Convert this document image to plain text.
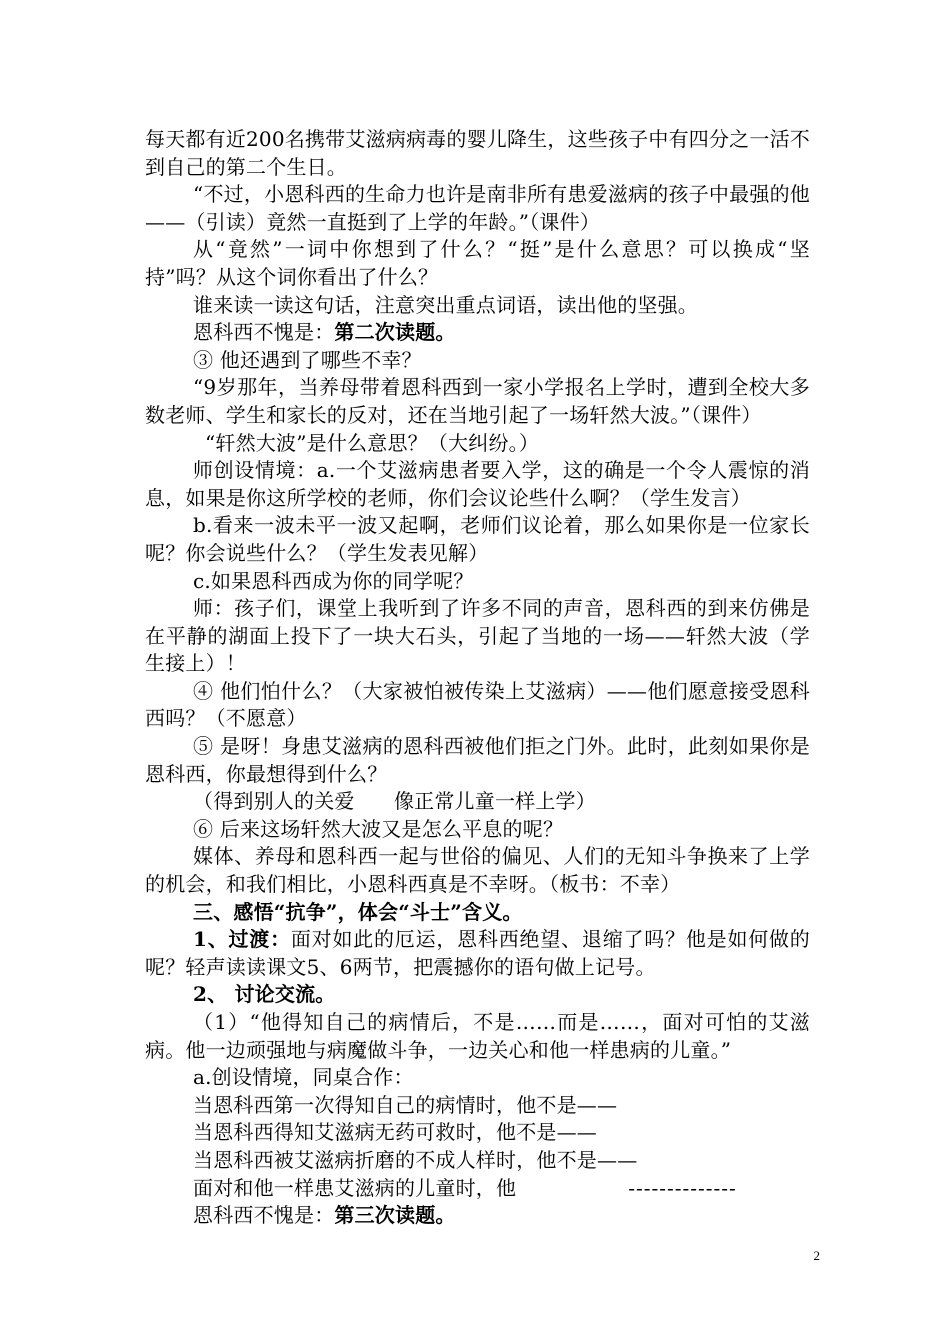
每天都有近200名携带艾滋病病毒的婴儿降生，这些孩子中有四分之一活不到自己的第二个生日。

“不过，小恩科西的生命力也许是南非所有患爱滋病的孩子中最强的他——（引读）竟然一直挺到了上学的年龄。”（课件）

从“竟然”一词中你想到了什么？“挺”是什么意思？可以换成“坚持”吗？从这个词你看出了什么？

谁来读一读这句话，注意突出重点词语，读出他的坚强。

恩科西不愧是：第二次读题。

③ 他还遇到了哪些不幸？

“9岁那年，当养母带着恩科西到一家小学报名上学时，遭到全校大多数老师、学生和家长的反对，还在当地引起了一场轩然大波。”（课件）

“轩然大波”是什么意思？（大纠纷。）

师创设情境：a.一个艾滋病患者要入学，这的确是一个令人震惊的消息，如果是你这所学校的老师，你们会议论些什么啊？（学生发言）

b.看来一波未平一波又起啊，老师们议论着，那么如果你是一位家长呢？你会说些什么？（学生发表见解）

c.如果恩科西成为你的同学呢？

师：孩子们，课堂上我听到了许多不同的声音，恩科西的到来仿佛是在平静的湖面上投下了一块大石头，引起了当地的一场——轩然大波（学生接上）！

④ 他们怕什么？（大家被怕被传染上艾滋病）——他们愿意接受恩科西吗？（不愿意）

⑤ 是呀！身患艾滋病的恩科西被他们拒之门外。此时，此刻如果你是恩科西，你最想得到什么？

（得到别人的关爱      像正常儿童一样上学）

⑥ 后来这场轩然大波又是怎么平息的呢？

媒体、养母和恩科西一起与世俗的偏见、人们的无知斗争换来了上学的机会，和我们相比，小恩科西真是不幸呀。（板书：不幸）

三、感悟“抗争”，体会“斗士”含义。

1、过渡：面对如此的厄运，恩科西绝望、退缩了吗？他是如何做的呢？轻声读读课文5、6两节，把震撼你的语句做上记号。

2、 讨论交流。

（1）“他得知自己的病情后，不是……而是……，面对可怕的艾滋病。他一边顽强地与病魔做斗争，一边关心和他一样患病的儿童。”

a.创设情境，同桌合作：

当恩科西第一次得知自己的病情时，他不是——

当恩科西得知艾滋病无药可救时，他不是——

当恩科西被艾滋病折磨的不成人样时，他不是——

面对和他一样患艾滋病的儿童时，他	--------------

恩科西不愧是：第三次读题。

2
